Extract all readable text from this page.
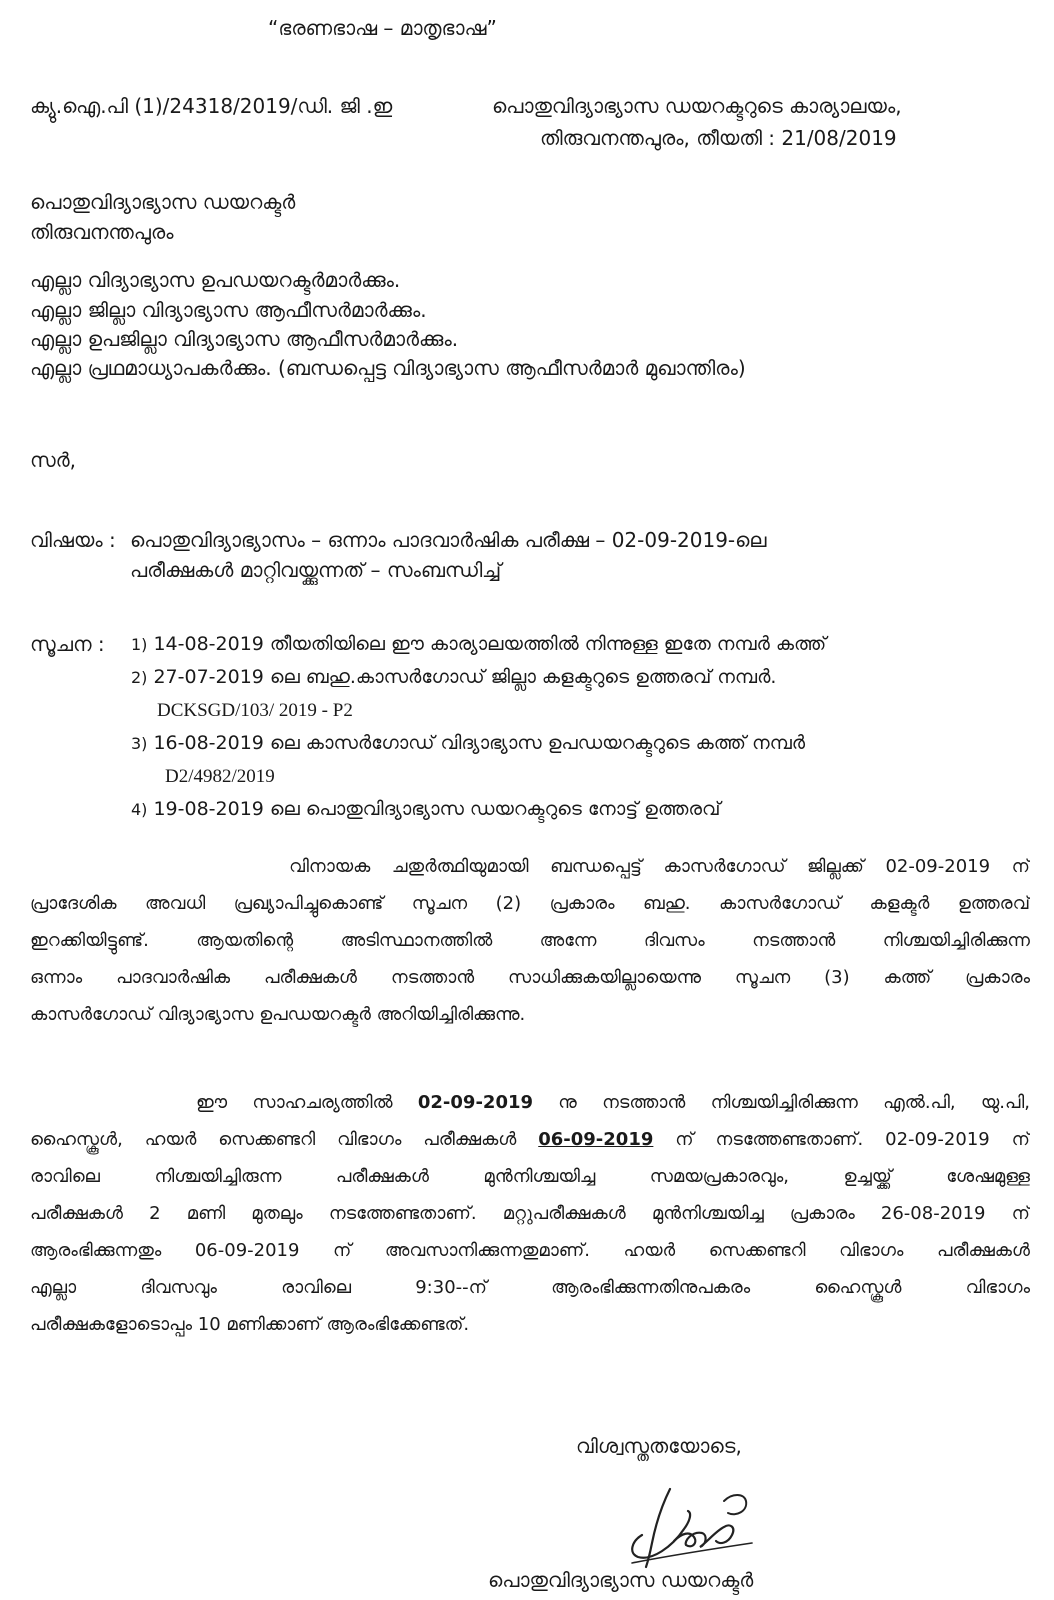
“ഭരണഭാഷ – മാതൃഭാഷ”
ക്യു.ഐ.പി (1)/24318/2019/ഡി. ജി .ഇ	പൊതുവിദ്യാഭ്യാസ ഡയറക്ടറുടെ കാര്യാലയം,
തിരുവനന്തപുരം, തീയതി : 21/08/2019
പൊതുവിദ്യാഭ്യാസ ഡയറക്ടർ
തിരുവനന്തപുരം
എല്ലാ വിദ്യാഭ്യാസ ഉപഡയറക്ടർമാർക്കും.
എല്ലാ ജില്ലാ വിദ്യാഭ്യാസ ആഫീസർമാർക്കും.
എല്ലാ ഉപജില്ലാ വിദ്യാഭ്യാസ ആഫീസർമാർക്കും.
എല്ലാ പ്രഥമാധ്യാപകർക്കും. (ബന്ധപ്പെട്ട വിദ്യാഭ്യാസ ആഫീസർമാർ മുഖാന്തിരം)
സർ,
വിഷയം : പൊതുവിദ്യാഭ്യാസം – ഒന്നാം പാദവാർഷിക പരീക്ഷ – 02-09-2019-ലെ
പരീക്ഷകൾ മാറ്റിവയ്ക്കുന്നത് – സംബന്ധിച്ച്
സൂചന : 1) 14-08-2019 തീയതിയിലെ ഈ കാര്യാലയത്തിൽ നിന്നുള്ള ഇതേ നമ്പർ കത്ത്
2) 27-07-2019 ലെ ബഹു.കാസർഗോഡ് ജില്ലാ കളക്ടറുടെ ഉത്തരവ് നമ്പർ.
DCKSGD/103/ 2019 - P2
3) 16-08-2019 ലെ കാസർഗോഡ് വിദ്യാഭ്യാസ ഉപഡയറക്ടറുടെ കത്ത് നമ്പർ
D2/4982/2019
4) 19-08-2019 ലെ പൊതുവിദ്യാഭ്യാസ ഡയറക്ടറുടെ നോട്ട് ഉത്തരവ്
വിനായക ചതുർത്ഥിയുമായി ബന്ധപ്പെട്ട് കാസർഗോഡ് ജില്ലക്ക് 02-09-2019 ന്
പ്രാദേശിക അവധി പ്രഖ്യാപിച്ചുകൊണ്ട് സൂചന (2) പ്രകാരം ബഹു. കാസർഗോഡ് കളക്ടർ ഉത്തരവ്
ഇറക്കിയിട്ടുണ്ട്. ആയതിന്റെ അടിസ്ഥാനത്തിൽ അന്നേ ദിവസം നടത്താൻ നിശ്ചയിച്ചിരിക്കുന്ന
ഒന്നാം പാദവാർഷിക പരീക്ഷകൾ നടത്താൻ സാധിക്കുകയില്ലായെന്നു സൂചന (3) കത്ത് പ്രകാരം
കാസർഗോഡ് വിദ്യാഭ്യാസ ഉപഡയറക്ടർ അറിയിച്ചിരിക്കുന്നു.
ഈ സാഹചര്യത്തിൽ 02-09-2019 നു നടത്താൻ നിശ്ചയിച്ചിരിക്കുന്ന എൽ.പി, യു.പി,
ഹൈസ്കൂൾ, ഹയർ സെക്കണ്ടറി വിഭാഗം പരീക്ഷകൾ 06-09-2019 ന് നടത്തേണ്ടതാണ്. 02-09-2019 ന്
രാവിലെ നിശ്ചയിച്ചിരുന്ന പരീക്ഷകൾ മുൻനിശ്ചയിച്ച സമയപ്രകാരവും, ഉച്ചയ്ക്ക് ശേഷമുള്ള
പരീക്ഷകൾ 2 മണി മുതലും നടത്തേണ്ടതാണ്. മറ്റുപരീക്ഷകൾ മുൻനിശ്ചയിച്ച പ്രകാരം 26-08-2019 ന്
ആരംഭിക്കുന്നതും 06-09-2019 ന് അവസാനിക്കുന്നതുമാണ്. ഹയർ സെക്കണ്ടറി വിഭാഗം പരീക്ഷകൾ
എല്ലാ ദിവസവും രാവിലെ 9:30--ന് ആരംഭിക്കുന്നതിനുപകരം ഹൈസ്കൂൾ വിഭാഗം
പരീക്ഷകളോടൊപ്പം 10 മണിക്കാണ് ആരംഭിക്കേണ്ടത്.
വിശ്വസ്തതയോടെ,
പൊതുവിദ്യാഭ്യാസ ഡയറക്ടർ
